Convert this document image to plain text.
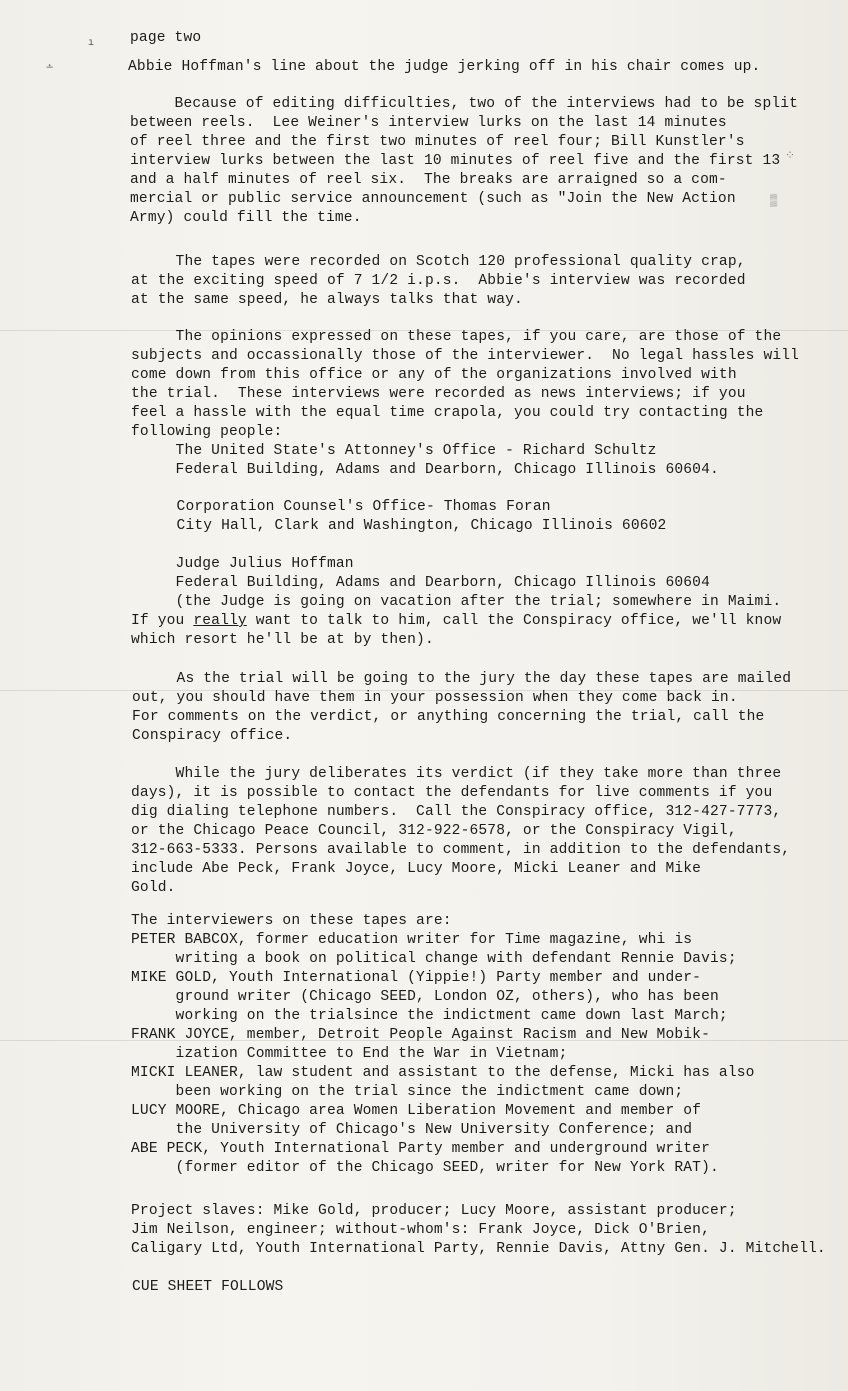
ı
∸
⁘
▒
page two
Abbie Hoffman's line about the judge jerking off in his chair comes up.
Because of editing difficulties, two of the interviews had to be split
between reels.  Lee Weiner's interview lurks on the last 14 minutes
of reel three and the first two minutes of reel four; Bill Kunstler's
interview lurks between the last 10 minutes of reel five and the first 13
and a half minutes of reel six.  The breaks are arraigned so a com-
mercial or public service announcement (such as "Join the New Action
Army) could fill the time.
The tapes were recorded on Scotch 120 professional quality crap,
at the exciting speed of 7 1/2 i.p.s.  Abbie's interview was recorded
at the same speed, he always talks that way.
The opinions expressed on these tapes, if you care, are those of the
subjects and occassionally those of the interviewer.  No legal hassles will
come down from this office or any of the organizations involved with
the trial.  These interviews were recorded as news interviews; if you
feel a hassle with the equal time crapola, you could try contacting the
following people:
The United State's Attonney's Office - Richard Schultz
Federal Building, Adams and Dearborn, Chicago Illinois 60604.
Corporation Counsel's Office- Thomas Foran
City Hall, Clark and Washington, Chicago Illinois 60602
Judge Julius Hoffman
Federal Building, Adams and Dearborn, Chicago Illinois 60604
(the Judge is going on vacation after the trial; somewhere in Maimi.
If you really want to talk to him, call the Conspiracy office, we'll know
which resort he'll be at by then).
As the trial will be going to the jury the day these tapes are mailed
out, you should have them in your possession when they come back in.
For comments on the verdict, or anything concerning the trial, call the
Conspiracy office.
While the jury deliberates its verdict (if they take more than three
days), it is possible to contact the defendants for live comments if you
dig dialing telephone numbers.  Call the Conspiracy office, 312-427-7773,
or the Chicago Peace Council, 312-922-6578, or the Conspiracy Vigil,
312-663-5333. Persons available to comment, in addition to the defendants,
include Abe Peck, Frank Joyce, Lucy Moore, Micki Leaner and Mike
Gold.
The interviewers on these tapes are:
PETER BABCOX, former education writer for Time magazine, whi is
writing a book on political change with defendant Rennie Davis;
MIKE GOLD, Youth International (Yippie!) Party member and under-
ground writer (Chicago SEED, London OZ, others), who has been
working on the trialsince the indictment came down last March;
FRANK JOYCE, member, Detroit People Against Racism and New Mobik-
ization Committee to End the War in Vietnam;
MICKI LEANER, law student and assistant to the defense, Micki has also
been working on the trial since the indictment came down;
LUCY MOORE, Chicago area Women Liberation Movement and member of
the University of Chicago's New University Conference; and
ABE PECK, Youth International Party member and underground writer
(former editor of the Chicago SEED, writer for New York RAT).
Project slaves: Mike Gold, producer; Lucy Moore, assistant producer;
Jim Neilson, engineer; without-whom's: Frank Joyce, Dick O'Brien,
Caligary Ltd, Youth International Party, Rennie Davis, Attny Gen. J. Mitchell.
CUE SHEET FOLLOWS
